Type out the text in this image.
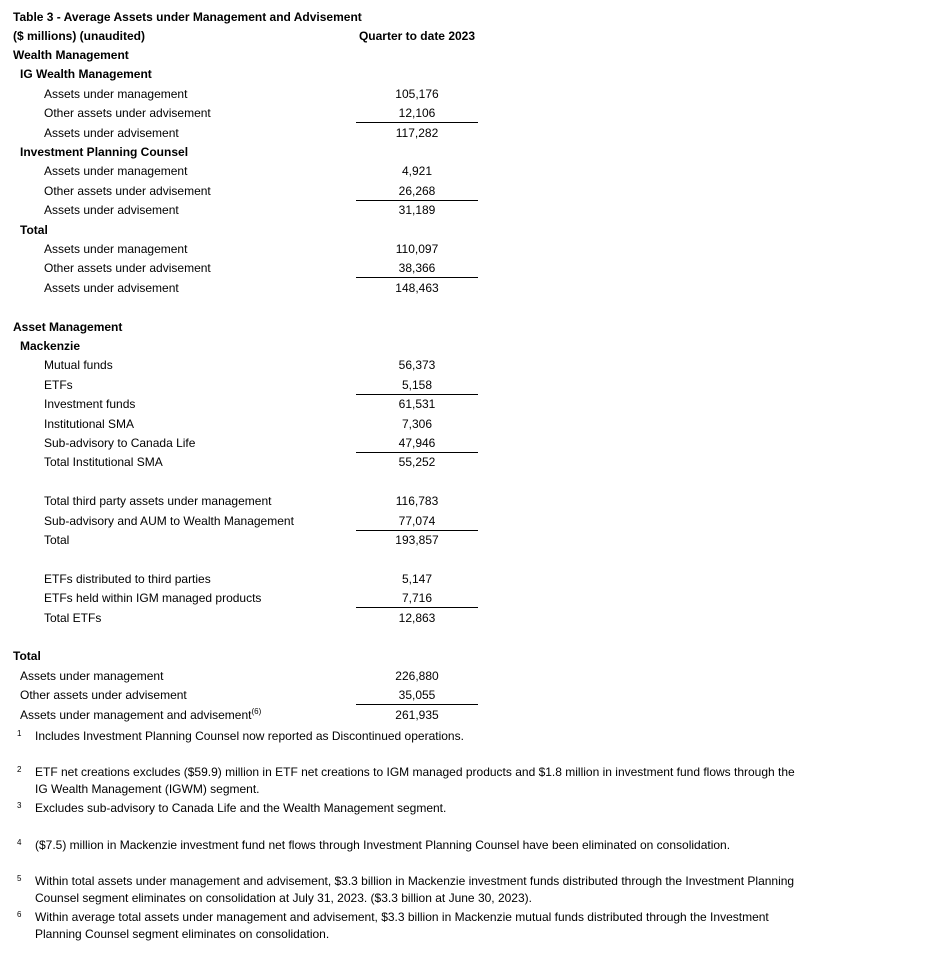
Table 3 - Average Assets under Management and Advisement
($ millions) (unaudited)	Quarter to date 2023
Wealth Management
IG Wealth Management
Assets under management	105,176
Other assets under advisement	12,106
Assets under advisement	117,282
Investment Planning Counsel
Assets under management	4,921
Other assets under advisement	26,268
Assets under advisement	31,189
Total
Assets under management	110,097
Other assets under advisement	38,366
Assets under advisement	148,463
Asset Management
Mackenzie
Mutual funds	56,373
ETFs	5,158
Investment funds	61,531
Institutional SMA	7,306
Sub-advisory to Canada Life	47,946
Total Institutional SMA	55,252
Total third party assets under management	116,783
Sub-advisory and AUM to Wealth Management	77,074
Total	193,857
ETFs distributed to third parties	5,147
ETFs held within IGM managed products	7,716
Total ETFs	12,863
Total
Assets under management	226,880
Other assets under advisement	35,055
Assets under management and advisement$^{(6)}$	261,935
1 Includes Investment Planning Counsel now reported as Discontinued operations.
2 ETF net creations excludes ($59.9) million in ETF net creations to IGM managed products and $1.8 million in investment fund flows through the IG Wealth Management (IGWM) segment.
3 Excludes sub-advisory to Canada Life and the Wealth Management segment.
4 ($7.5) million in Mackenzie investment fund net flows through Investment Planning Counsel have been eliminated on consolidation.
5 Within total assets under management and advisement, $3.3 billion in Mackenzie investment funds distributed through the Investment Planning Counsel segment eliminates on consolidation at July 31, 2023. ($3.3 billion at June 30, 2023).
6 Within average total assets under management and advisement, $3.3 billion in Mackenzie mutual funds distributed through the Investment Planning Counsel segment eliminates on consolidation.
